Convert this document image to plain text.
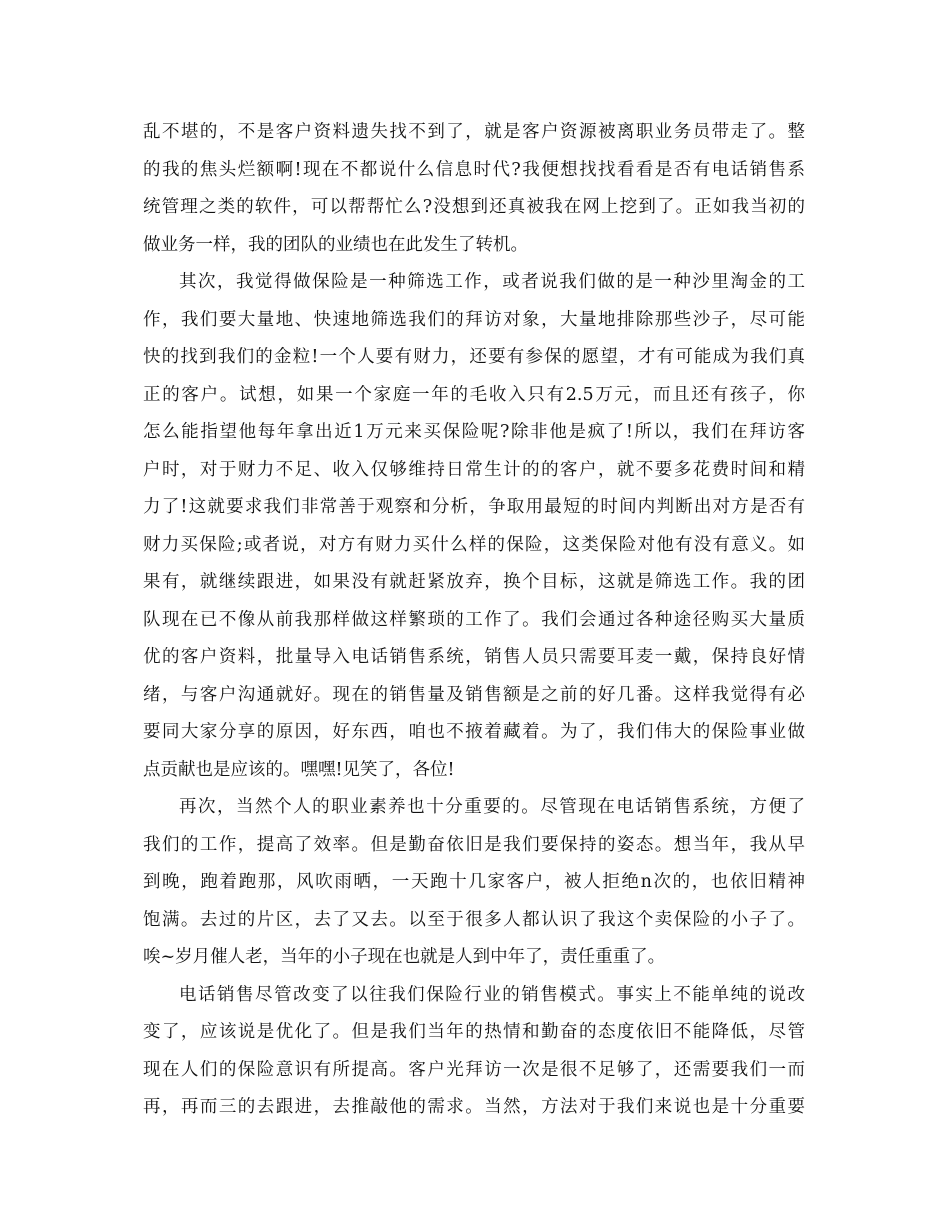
乱不堪的，不是客户资料遗失找不到了，就是客户资源被离职业务员带走了。整
的我的焦头烂额啊!现在不都说什么信息时代?我便想找找看看是否有电话销售系
统管理之类的软件，可以帮帮忙么?没想到还真被我在网上挖到了。正如我当初的
做业务一样，我的团队的业绩也在此发生了转机。
其次，我觉得做保险是一种筛选工作，或者说我们做的是一种沙里淘金的工
作，我们要大量地、快速地筛选我们的拜访对象，大量地排除那些沙子，尽可能
快的找到我们的金粒!一个人要有财力，还要有参保的愿望，才有可能成为我们真
正的客户。试想，如果一个家庭一年的毛收入只有2.5万元，而且还有孩子，你
怎么能指望他每年拿出近1万元来买保险呢?除非他是疯了!所以，我们在拜访客
户时，对于财力不足、收入仅够维持日常生计的的客户，就不要多花费时间和精
力了!这就要求我们非常善于观察和分析，争取用最短的时间内判断出对方是否有
财力买保险;或者说，对方有财力买什么样的保险，这类保险对他有没有意义。如
果有，就继续跟进，如果没有就赶紧放弃，换个目标，这就是筛选工作。我的团
队现在已不像从前我那样做这样繁琐的工作了。我们会通过各种途径购买大量质
优的客户资料，批量导入电话销售系统，销售人员只需要耳麦一戴，保持良好情
绪，与客户沟通就好。现在的销售量及销售额是之前的好几番。这样我觉得有必
要同大家分享的原因，好东西，咱也不掖着藏着。为了，我们伟大的保险事业做
点贡献也是应该的。嘿嘿!见笑了，各位!
再次，当然个人的职业素养也十分重要的。尽管现在电话销售系统，方便了
我们的工作，提高了效率。但是勤奋依旧是我们要保持的姿态。想当年，我从早
到晚，跑着跑那，风吹雨晒，一天跑十几家客户，被人拒绝n次的，也依旧精神
饱满。去过的片区，去了又去。以至于很多人都认识了我这个卖保险的小子了。
唉~岁月催人老，当年的小子现在也就是人到中年了，责任重重了。
电话销售尽管改变了以往我们保险行业的销售模式。事实上不能单纯的说改
变了，应该说是优化了。但是我们当年的热情和勤奋的态度依旧不能降低，尽管
现在人们的保险意识有所提高。客户光拜访一次是很不足够了，还需要我们一而
再，再而三的去跟进，去推敲他的需求。当然，方法对于我们来说也是十分重要
